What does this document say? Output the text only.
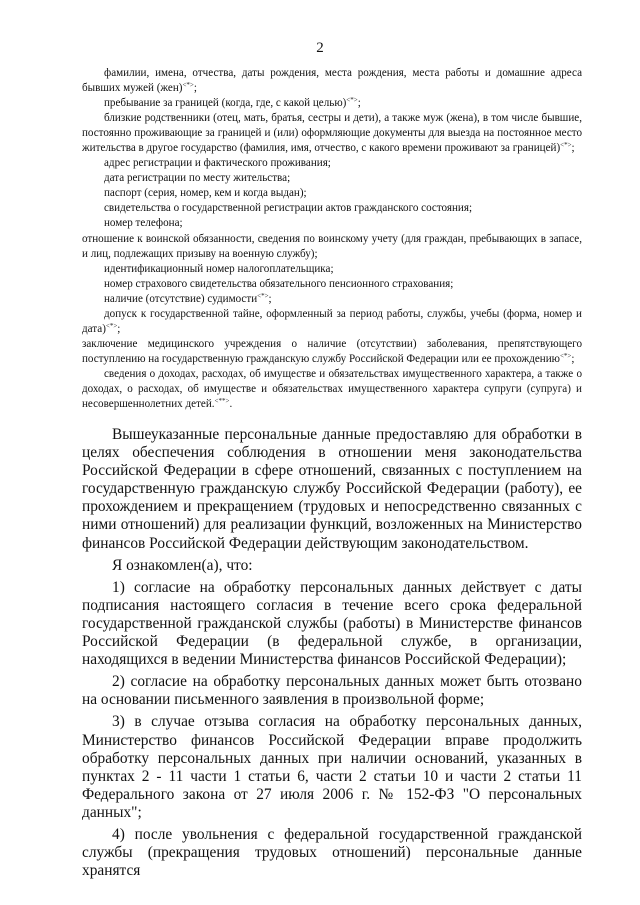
2

фамилии, имена, отчества, даты рождения, места рождения, места работы и домашние адреса бывших мужей (жен)<*>;

пребывание за границей (когда, где, с какой целью)<*>;

близкие родственники (отец, мать, братья, сестры и дети), а также муж (жена), в том числе бывшие, постоянно проживающие за границей и (или) оформляющие документы для выезда на постоянное место жительства в другое государство (фамилия, имя, отчество, с какого времени проживают за границей)<*>;

адрес регистрации и фактического проживания;

дата регистрации по месту жительства;

паспорт (серия, номер, кем и когда выдан);

свидетельства о государственной регистрации актов гражданского состояния;

номер телефона;

отношение к воинской обязанности, сведения по воинскому учету (для граждан, пребывающих в запасе, и лиц, подлежащих призыву на военную службу);

идентификационный номер налогоплательщика;

номер страхового свидетельства обязательного пенсионного страхования;

наличие (отсутствие) судимости<*>;

допуск к государственной тайне, оформленный за период работы, службы, учебы (форма, номер и дата)<*>;

заключение медицинского учреждения о наличие (отсутствии) заболевания, препятствующего поступлению на государственную гражданскую службу Российской Федерации или ее прохождению<*>;

сведения о доходах, расходах, об имуществе и обязательствах имущественного характера, а также о доходах, о расходах, об имуществе и обязательствах имущественного характера супруги (супруга) и несовершеннолетних детей.<**>.

Вышеуказанные персональные данные предоставляю для обработки в целях обеспечения соблюдения в отношении меня законодательства Российской Федерации в сфере отношений, связанных с поступлением на государственную гражданскую службу Российской Федерации (работу), ее прохождением и прекращением (трудовых и непосредственно связанных с ними отношений) для реализации функций, возложенных на Министерство финансов Российской Федерации действующим законодательством.

Я ознакомлен(а), что:

1) согласие на обработку персональных данных действует с даты подписания настоящего согласия в течение всего срока федеральной государственной гражданской службы (работы) в Министерстве финансов Российской Федерации (в федеральной службе, в организации, находящихся в ведении Министерства финансов Российской Федерации);

2) согласие на обработку персональных данных может быть отозвано на основании письменного заявления в произвольной форме;

3) в случае отзыва согласия на обработку персональных данных, Министерство финансов Российской Федерации вправе продолжить обработку персональных данных при наличии оснований, указанных в пунктах 2 - 11 части 1 статьи 6, части 2 статьи 10 и части 2 статьи 11 Федерального закона от 27 июля 2006 г. № 152-ФЗ "О персональных данных";

4) после увольнения с федеральной государственной гражданской службы (прекращения трудовых отношений) персональные данные хранятся
